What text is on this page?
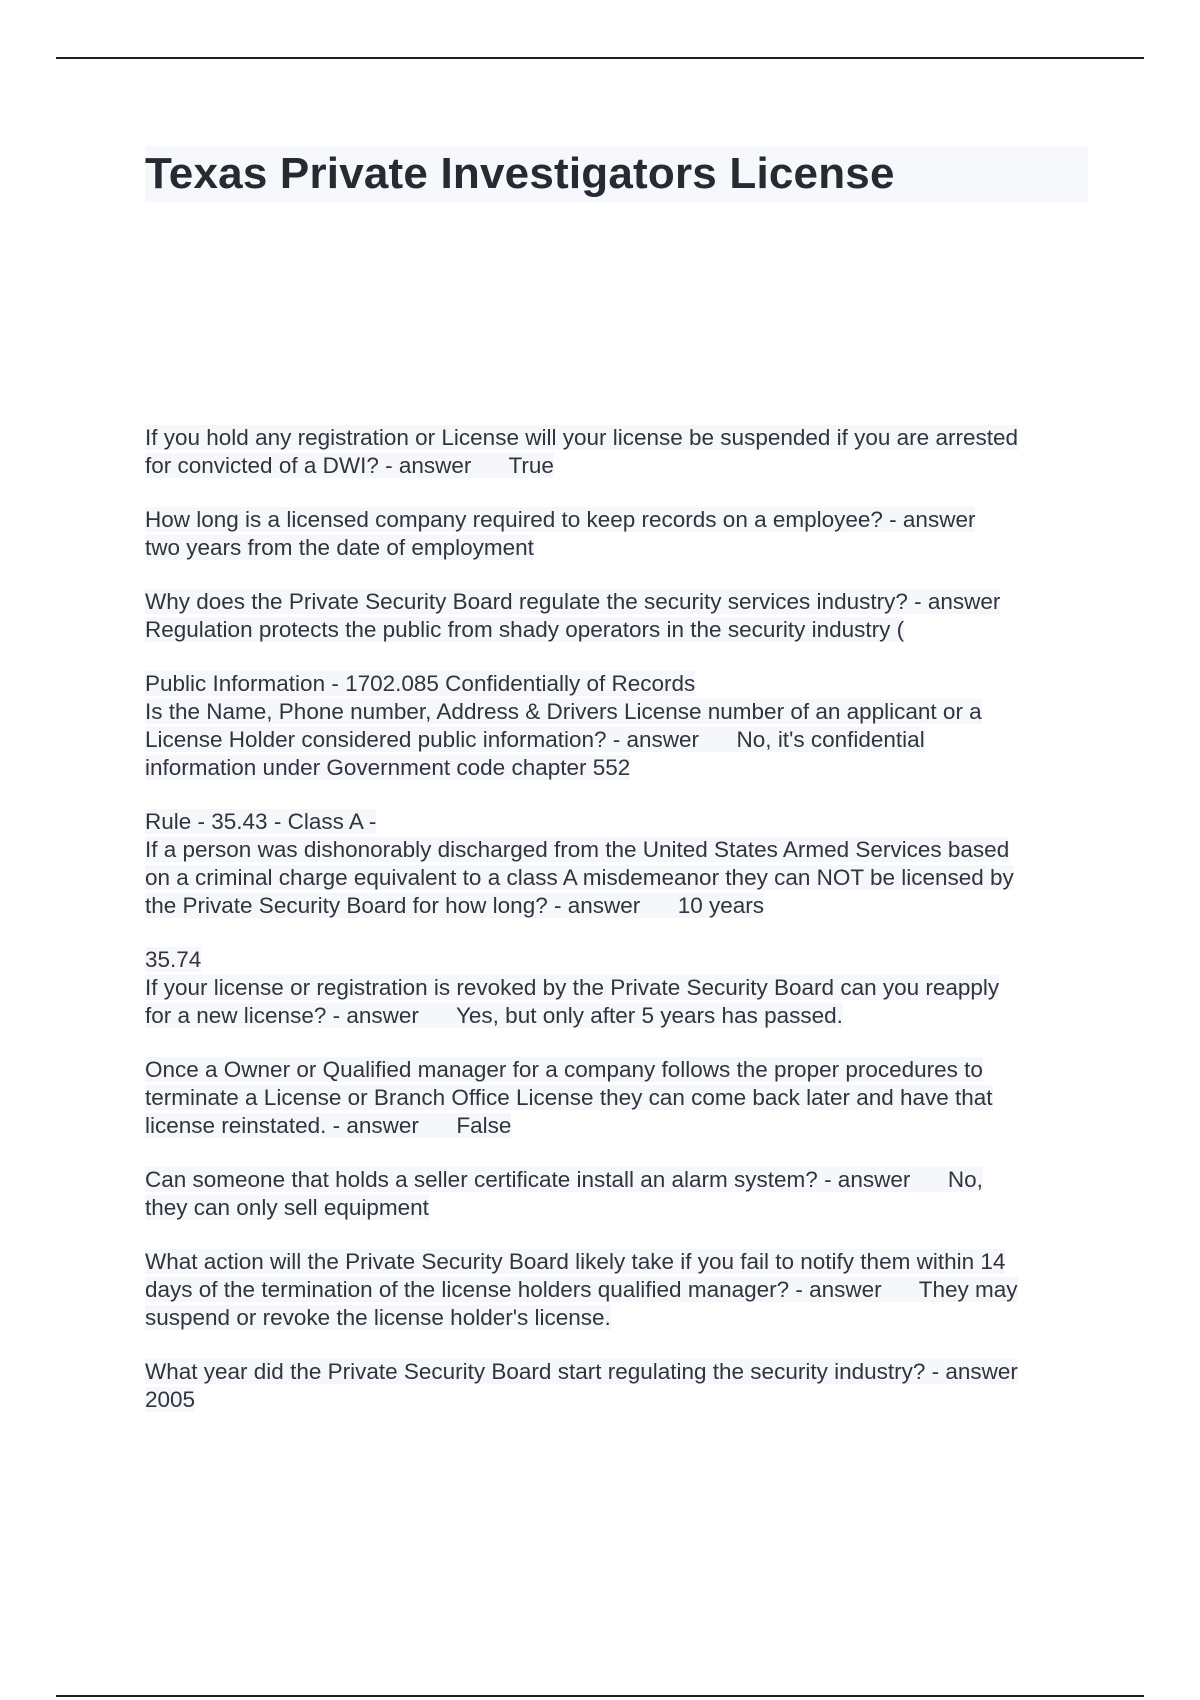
Texas Private Investigators License
If you hold any registration or License will your license be suspended if you are arrested
for convicted of a DWI? - answer      True
How long is a licensed company required to keep records on a employee? - answer
two years from the date of employment
Why does the Private Security Board regulate the security services industry? - answer
Regulation protects the public from shady operators in the security industry (
Public Information - 1702.085 Confidentially of Records
Is the Name, Phone number, Address & Drivers License number of an applicant or a
License Holder considered public information? - answer      No, it's confidential
information under Government code chapter 552
Rule - 35.43 - Class A -
If a person was dishonorably discharged from the United States Armed Services based
on a criminal charge equivalent to a class A misdemeanor they can NOT be licensed by
the Private Security Board for how long? - answer      10 years
35.74
If your license or registration is revoked by the Private Security Board can you reapply
for a new license? - answer      Yes, but only after 5 years has passed.
Once a Owner or Qualified manager for a company follows the proper procedures to
terminate a License or Branch Office License they can come back later and have that
license reinstated. - answer      False
Can someone that holds a seller certificate install an alarm system? - answer      No,
they can only sell equipment
What action will the Private Security Board likely take if you fail to notify them within 14
days of the termination of the license holders qualified manager? - answer      They may
suspend or revoke the license holder's license.
What year did the Private Security Board start regulating the security industry? - answer
2005
